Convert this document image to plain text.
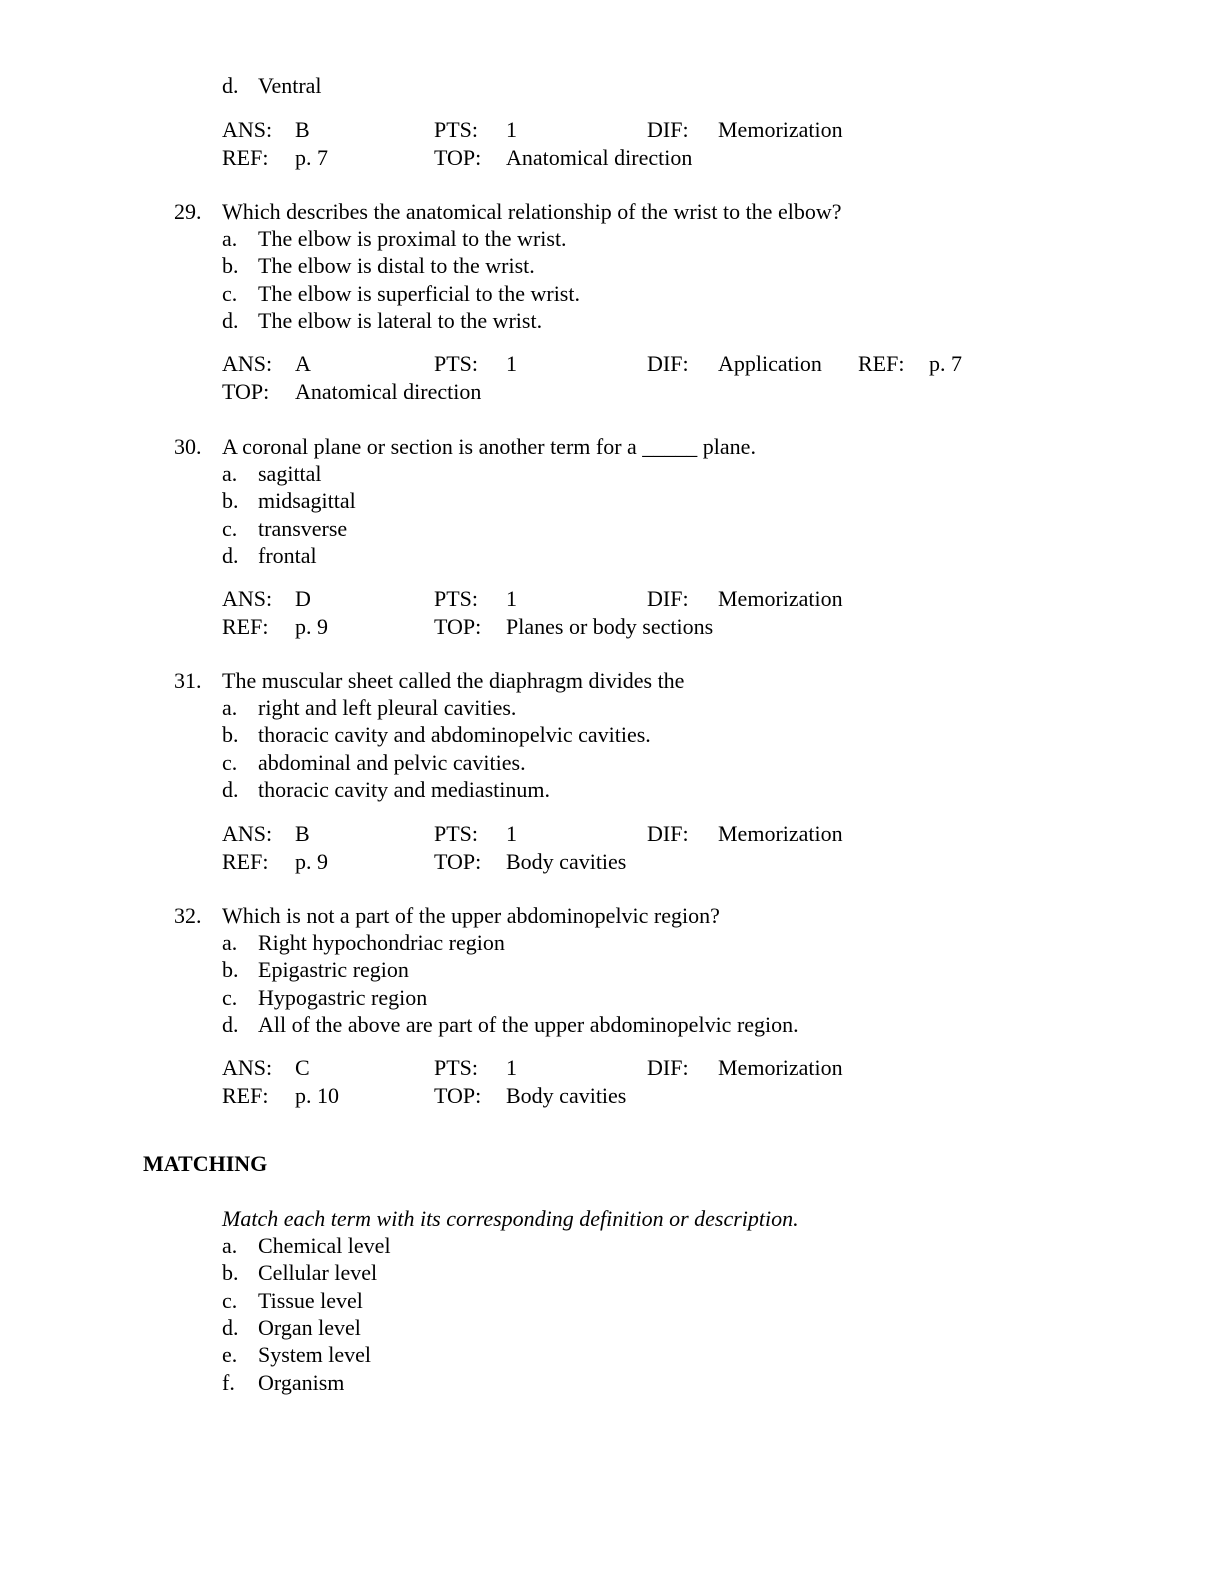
d. Ventral
ANS: B	PTS: 1	DIF: Memorization
REF: p. 7	TOP: Anatomical direction
29. Which describes the anatomical relationship of the wrist to the elbow?
a. The elbow is proximal to the wrist.
b. The elbow is distal to the wrist.
c. The elbow is superficial to the wrist.
d. The elbow is lateral to the wrist.
ANS: A	PTS: 1	DIF: Application REF: p. 7
TOP: Anatomical direction
30. A coronal plane or section is another term for a _____ plane.
a. sagittal
b. midsagittal
c. transverse
d. frontal
ANS: D	PTS: 1	DIF: Memorization
REF: p. 9	TOP: Planes or body sections
31. The muscular sheet called the diaphragm divides the
a. right and left pleural cavities.
b. thoracic cavity and abdominopelvic cavities.
c. abdominal and pelvic cavities.
d. thoracic cavity and mediastinum.
ANS: B	PTS: 1	DIF: Memorization
REF: p. 9	TOP: Body cavities
32. Which is not a part of the upper abdominopelvic region?
a. Right hypochondriac region
b. Epigastric region
c. Hypogastric region
d. All of the above are part of the upper abdominopelvic region.
ANS: C	PTS: 1	DIF: Memorization
REF: p. 10	TOP: Body cavities
MATCHING
Match each term with its corresponding definition or description.
a. Chemical level
b. Cellular level
c. Tissue level
d. Organ level
e. System level
f. Organism
